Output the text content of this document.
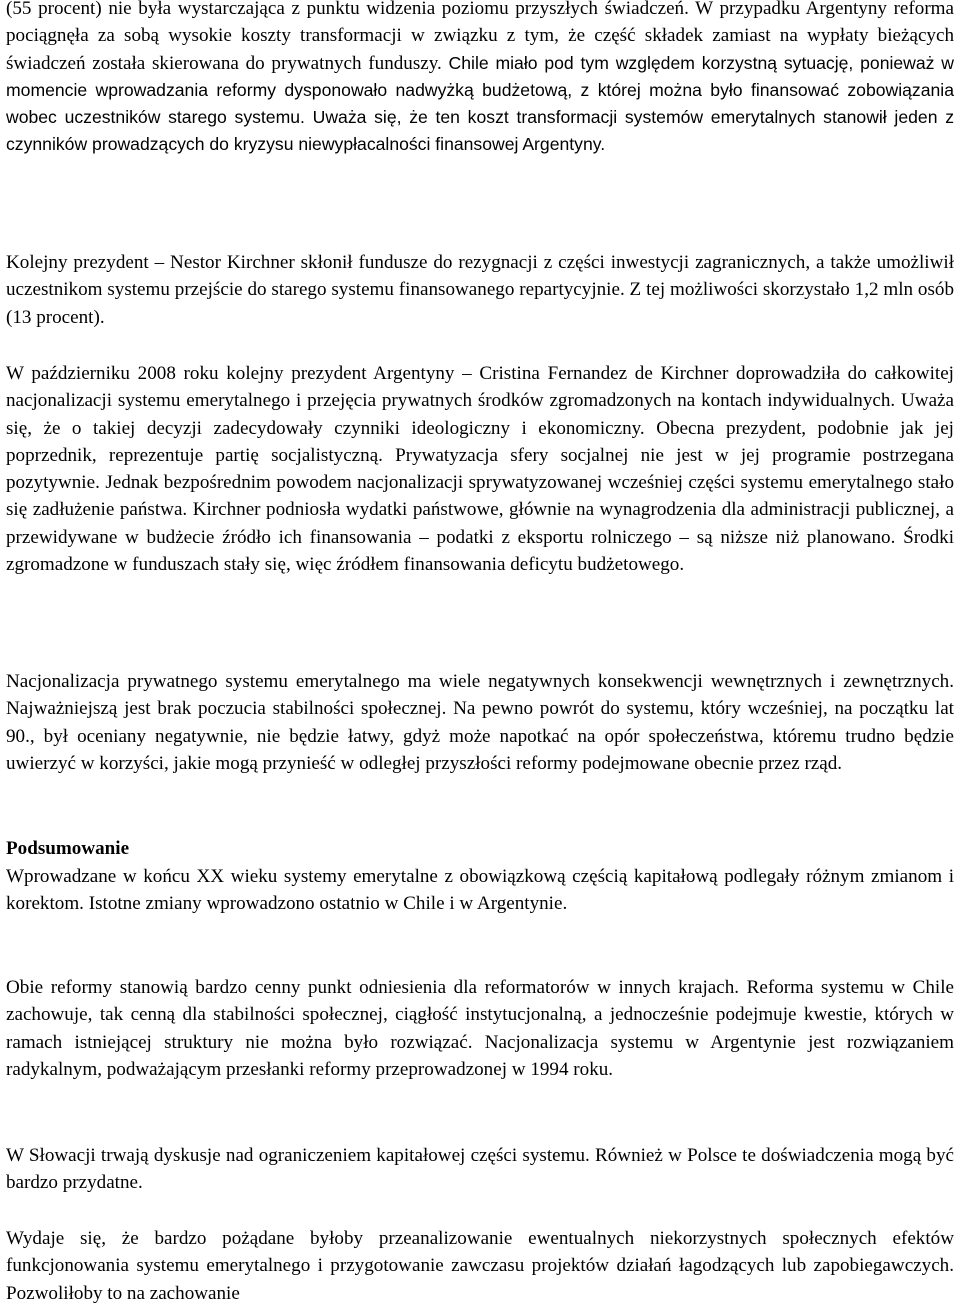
(55 procent) nie była wystarczająca z punktu widzenia poziomu przyszłych świadczeń. W przypadku Argentyny reforma pociągnęła za sobą wysokie koszty transformacji w związku z tym, że część składek zamiast na wypłaty bieżących świadczeń została skierowana do prywatnych funduszy. Chile miało pod tym względem korzystną sytuację, ponieważ w momencie wprowadzania reformy dysponowało nadwyżką budżetową, z której można było finansować zobowiązania wobec uczestników starego systemu. Uważa się, że ten koszt transformacji systemów emerytalnych stanowił jeden z czynników prowadzących do kryzysu niewypłacalności finansowej Argentyny.

Kolejny prezydent – Nestor Kirchner skłonił fundusze do rezygnacji z części inwestycji zagranicznych, a także umożliwił uczestnikom systemu przejście do starego systemu finansowanego repartycyjnie. Z tej możliwości skorzystało 1,2 mln osób (13 procent).

W październiku 2008 roku kolejny prezydent Argentyny – Cristina Fernandez de Kirchner doprowadziła do całkowitej nacjonalizacji systemu emerytalnego i przejęcia prywatnych środków zgromadzonych na kontach indywidualnych. Uważa się, że o takiej decyzji zadecydowały czynniki ideologiczny i ekonomiczny. Obecna prezydent, podobnie jak jej poprzednik, reprezentuje partię socjalistyczną. Prywatyzacja sfery socjalnej nie jest w jej programie postrzegana pozytywnie. Jednak bezpośrednim powodem nacjonalizacji sprywatyzowanej wcześniej części systemu emerytalnego stało się zadłużenie państwa. Kirchner podniosła wydatki państwowe, głównie na wynagrodzenia dla administracji publicznej, a przewidywane w budżecie źródło ich finansowania – podatki z eksportu rolniczego – są niższe niż planowano. Środki zgromadzone w funduszach stały się, więc źródłem finansowania deficytu budżetowego.

Nacjonalizacja prywatnego systemu emerytalnego ma wiele negatywnych konsekwencji wewnętrznych i zewnętrznych. Najważniejszą jest brak poczucia stabilności społecznej. Na pewno powrót do systemu, który wcześniej, na początku lat 90., był oceniany negatywnie, nie będzie łatwy, gdyż może napotkać na opór społeczeństwa, któremu trudno będzie uwierzyć w korzyści, jakie mogą przynieść w odległej przyszłości reformy podejmowane obecnie przez rząd.

Podsumowanie

Wprowadzane w końcu XX wieku systemy emerytalne z obowiązkową częścią kapitałową podlegały różnym zmianom i korektom. Istotne zmiany wprowadzono ostatnio w Chile i w Argentynie.

Obie reformy stanowią bardzo cenny punkt odniesienia dla reformatorów w innych krajach. Reforma systemu w Chile zachowuje, tak cenną dla stabilności społecznej, ciągłość instytucjonalną, a jednocześnie podejmuje kwestie, których w ramach istniejącej struktury nie można było rozwiązać. Nacjonalizacja systemu w Argentynie jest rozwiązaniem radykalnym, podważającym przesłanki reformy przeprowadzonej w 1994 roku.

W Słowacji trwają dyskusje nad ograniczeniem kapitałowej części systemu. Również w Polsce te doświadczenia mogą być bardzo przydatne.

Wydaje się, że bardzo pożądane byłoby przeanalizowanie ewentualnych niekorzystnych społecznych efektów funkcjonowania systemu emerytalnego i przygotowanie zawczasu projektów działań łagodzących lub zapobiegawczych. Pozwoliłoby to na zachowanie
